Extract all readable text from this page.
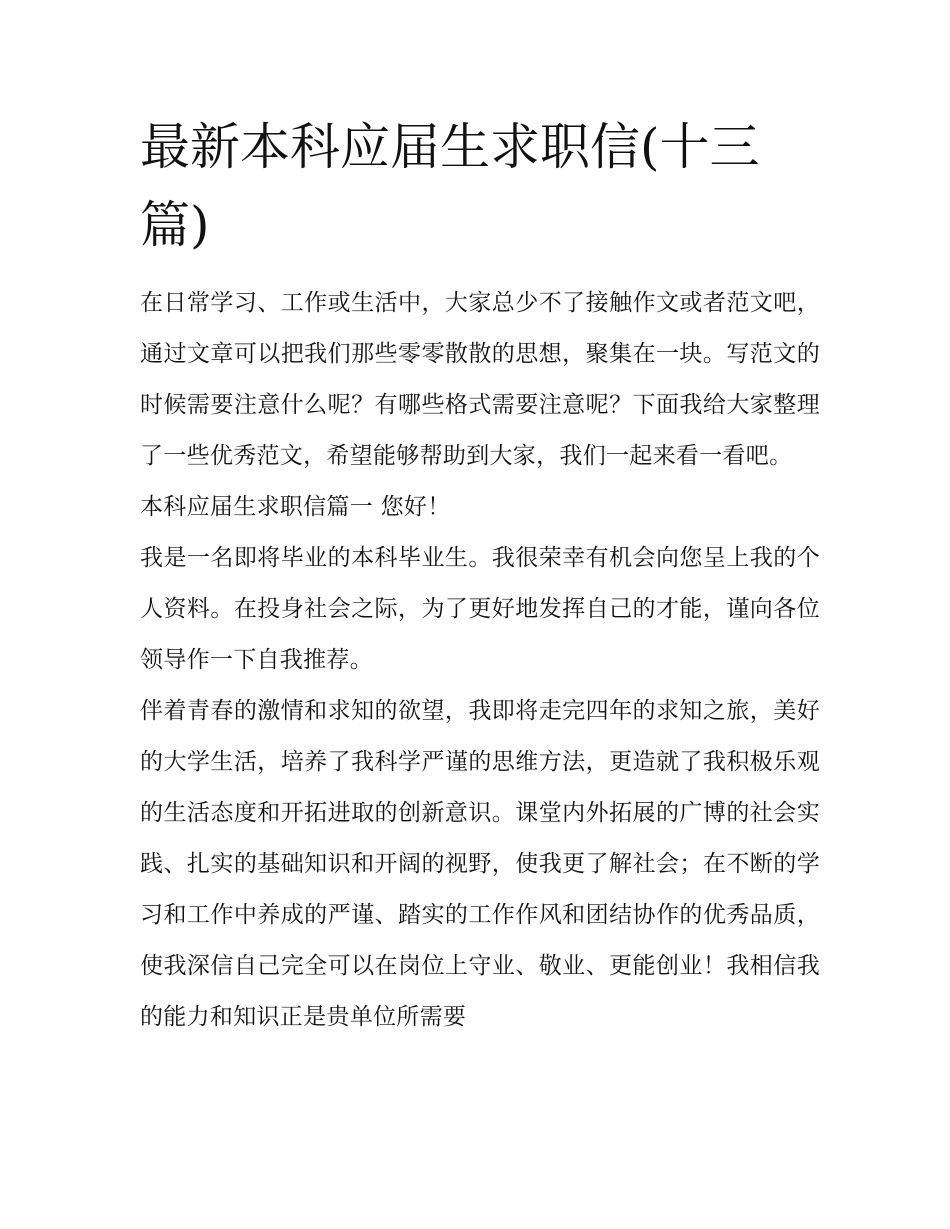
最新本科应届生求职信(十三篇)

在日常学习、工作或生活中，大家总少不了接触作文或者范文吧，通过文章可以把我们那些零零散散的思想，聚集在一块。写范文的时候需要注意什么呢？有哪些格式需要注意呢？下面我给大家整理了一些优秀范文，希望能够帮助到大家，我们一起来看一看吧。

本科应届生求职信篇一 您好！

我是一名即将毕业的本科毕业生。我很荣幸有机会向您呈上我的个人资料。在投身社会之际，为了更好地发挥自己的才能，谨向各位领导作一下自我推荐。

伴着青春的激情和求知的欲望，我即将走完四年的求知之旅，美好的大学生活，培养了我科学严谨的思维方法，更造就了我积极乐观的生活态度和开拓进取的创新意识。课堂内外拓展的广博的社会实践、扎实的基础知识和开阔的视野，使我更了解社会；在不断的学习和工作中养成的严谨、踏实的工作作风和团结协作的优秀品质，使我深信自己完全可以在岗位上守业、敬业、更能创业！我相信我的能力和知识正是贵单位所需要
